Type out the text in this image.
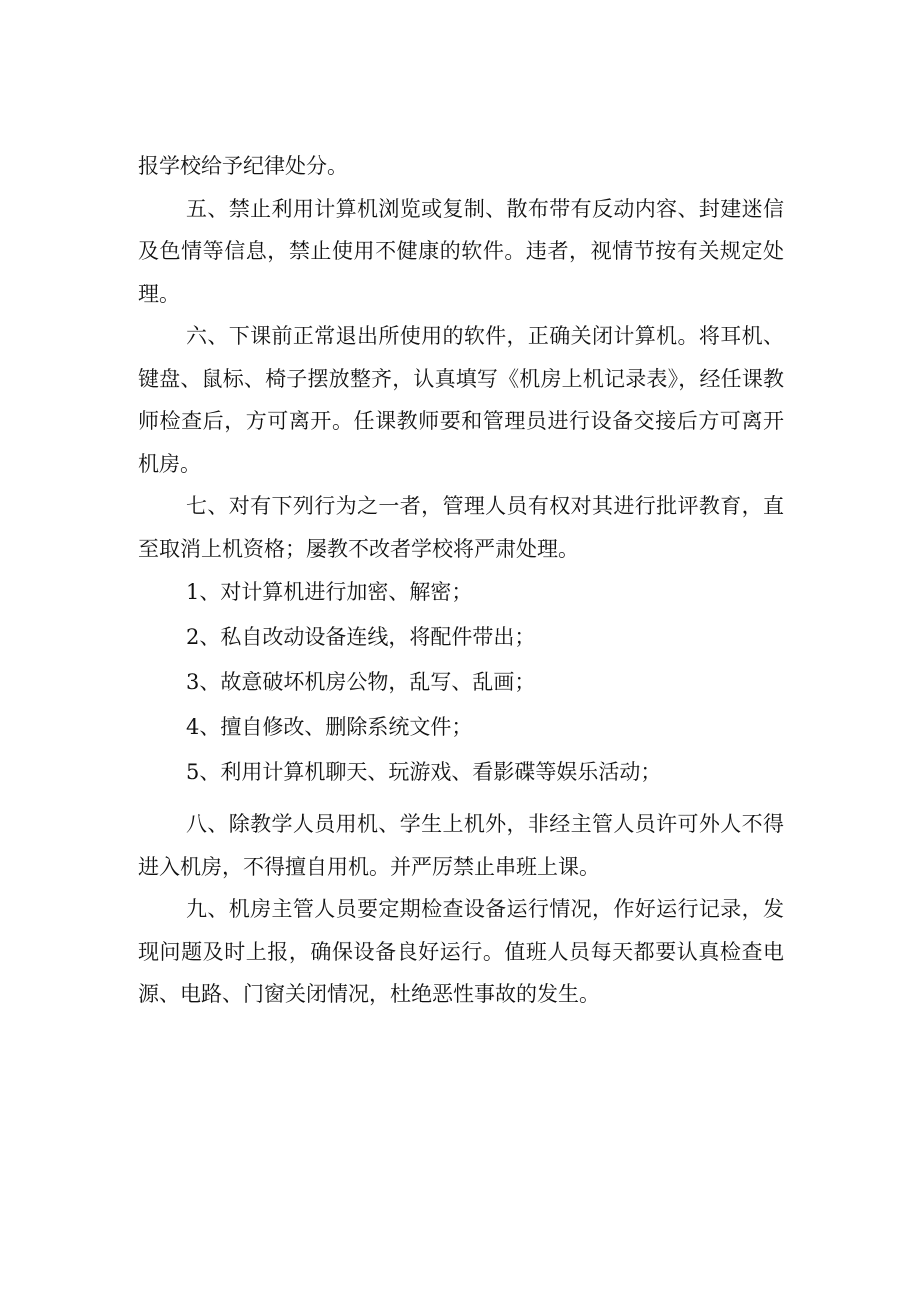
报学校给予纪律处分。

五、禁止利用计算机浏览或复制、散布带有反动内容、封建迷信及色情等信息，禁止使用不健康的软件。违者，视情节按有关规定处理。

六、下课前正常退出所使用的软件，正确关闭计算机。将耳机、键盘、鼠标、椅子摆放整齐，认真填写《机房上机记录表》，经任课教师检查后，方可离开。任课教师要和管理员进行设备交接后方可离开机房。

七、对有下列行为之一者，管理人员有权对其进行批评教育，直至取消上机资格；屡教不改者学校将严肃处理。

1、对计算机进行加密、解密；

2、私自改动设备连线，将配件带出；

3、故意破坏机房公物，乱写、乱画；

4、擅自修改、删除系统文件；

5、利用计算机聊天、玩游戏、看影碟等娱乐活动；

八、除教学人员用机、学生上机外，非经主管人员许可外人不得进入机房，不得擅自用机。并严厉禁止串班上课。

九、机房主管人员要定期检查设备运行情况，作好运行记录，发现问题及时上报，确保设备良好运行。值班人员每天都要认真检查电源、电路、门窗关闭情况，杜绝恶性事故的发生。
